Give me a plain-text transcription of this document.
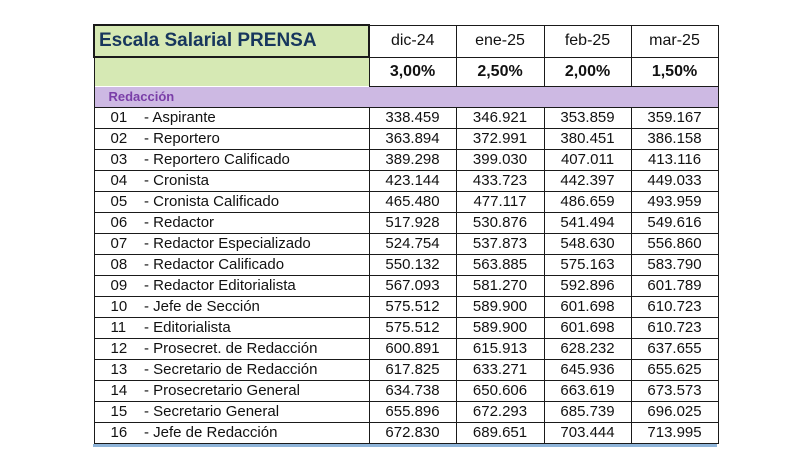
Escala Salarial PRENSA		dic-24	ene-25	feb-25	mar-25
		3,00%	2,50%	2,00%	1,50%
Redacción					
01	- Aspirante	338.459	346.921	353.859	359.167
02	- Reportero	363.894	372.991	380.451	386.158
03	- Reportero Calificado	389.298	399.030	407.011	413.116
04	- Cronista	423.144	433.723	442.397	449.033
05	- Cronista Calificado	465.480	477.117	486.659	493.959
06	- Redactor	517.928	530.876	541.494	549.616
07	- Redactor Especializado	524.754	537.873	548.630	556.860
08	- Redactor Calificado	550.132	563.885	575.163	583.790
09	- Redactor Editorialista	567.093	581.270	592.896	601.789
10	- Jefe de Sección	575.512	589.900	601.698	610.723
11	- Editorialista	575.512	589.900	601.698	610.723
12	- Prosecret. de Redacción	600.891	615.913	628.232	637.655
13	- Secretario de Redacción	617.825	633.271	645.936	655.625
14	- Prosecretario General	634.738	650.606	663.619	673.573
15	- Secretario General	655.896	672.293	685.739	696.025
16	- Jefe de Redacción	672.830	689.651	703.444	713.995
